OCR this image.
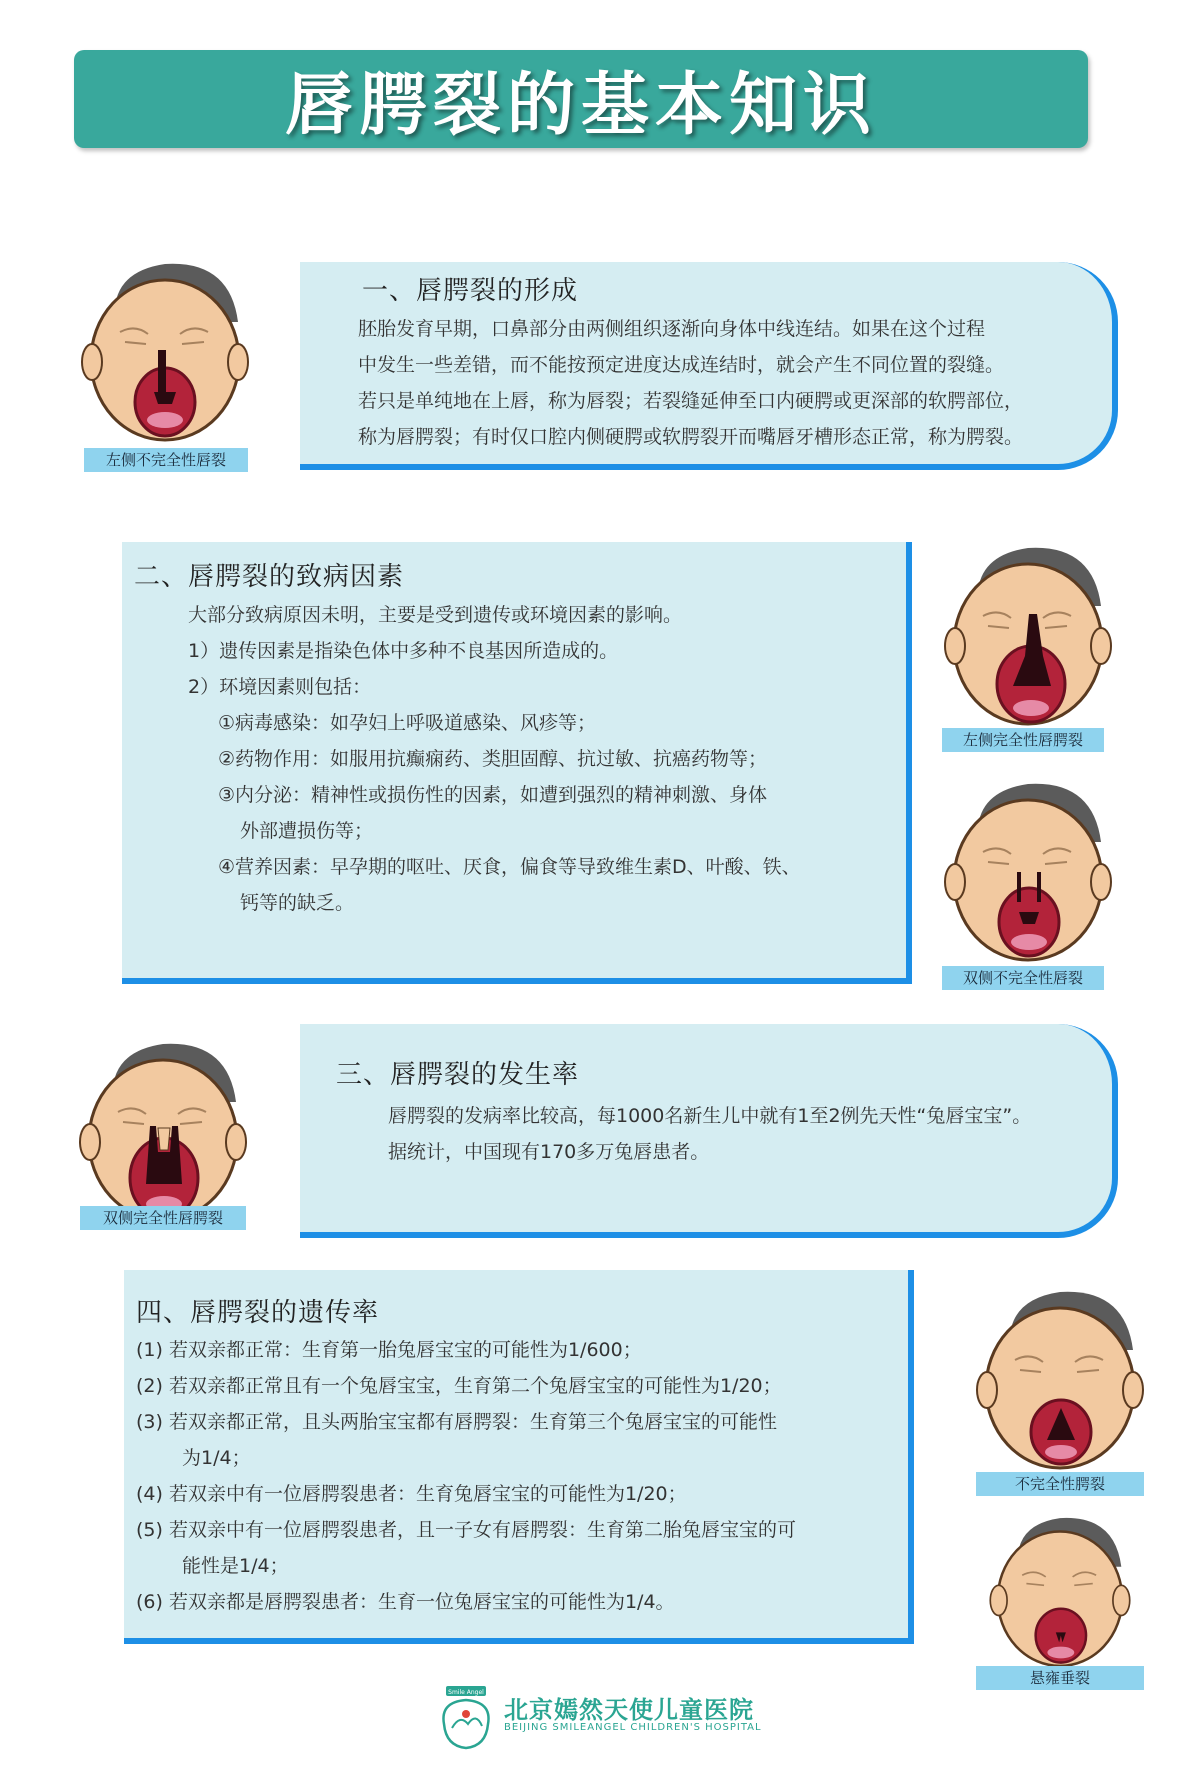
唇腭裂的基本知识
一、唇腭裂的形成

胚胎发育早期，口鼻部分由两侧组织逐渐向身体中线连结。如果在这个过程

中发生一些差错，而不能按预定进度达成连结时，就会产生不同位置的裂缝。

若只是单纯地在上唇，称为唇裂；若裂缝延伸至口内硬腭或更深部的软腭部位，

称为唇腭裂；有时仅口腔内侧硬腭或软腭裂开而嘴唇牙槽形态正常，称为腭裂。

二、唇腭裂的致病因素

大部分致病原因未明，主要是受到遗传或环境因素的影响。

1）遗传因素是指染色体中多种不良基因所造成的。

2）环境因素则包括：

①病毒感染：如孕妇上呼吸道感染、风疹等；

②药物作用：如服用抗癫痫药、类胆固醇、抗过敏、抗癌药物等；

③内分泌：精神性或损伤性的因素，如遭到强烈的精神刺激、身体

外部遭损伤等；

④营养因素：早孕期的呕吐、厌食，偏食等导致维生素D、叶酸、铁、

钙等的缺乏。

三、唇腭裂的发生率

唇腭裂的发病率比较高，每1000名新生儿中就有1至2例先天性“兔唇宝宝”。

据统计，中国现有170多万兔唇患者。

四、唇腭裂的遗传率

(1) 若双亲都正常：生育第一胎兔唇宝宝的可能性为1/600；

(2) 若双亲都正常且有一个兔唇宝宝，生育第二个兔唇宝宝的可能性为1/20；

(3) 若双亲都正常，且头两胎宝宝都有唇腭裂：生育第三个兔唇宝宝的可能性

为1/4；

(4) 若双亲中有一位唇腭裂患者：生育兔唇宝宝的可能性为1/20；

(5) 若双亲中有一位唇腭裂患者，且一子女有唇腭裂：生育第二胎兔唇宝宝的可

能性是1/4；

(6) 若双亲都是唇腭裂患者：生育一位兔唇宝宝的可能性为1/4。

左侧不完全性唇裂
左侧完全性唇腭裂
双侧不完全性唇裂
双侧完全性唇腭裂
不完全性腭裂
悬雍垂裂
Smile Angel
北京嫣然天使儿童医院
BEIJING SMILEANGEL CHILDREN'S HOSPITAL
